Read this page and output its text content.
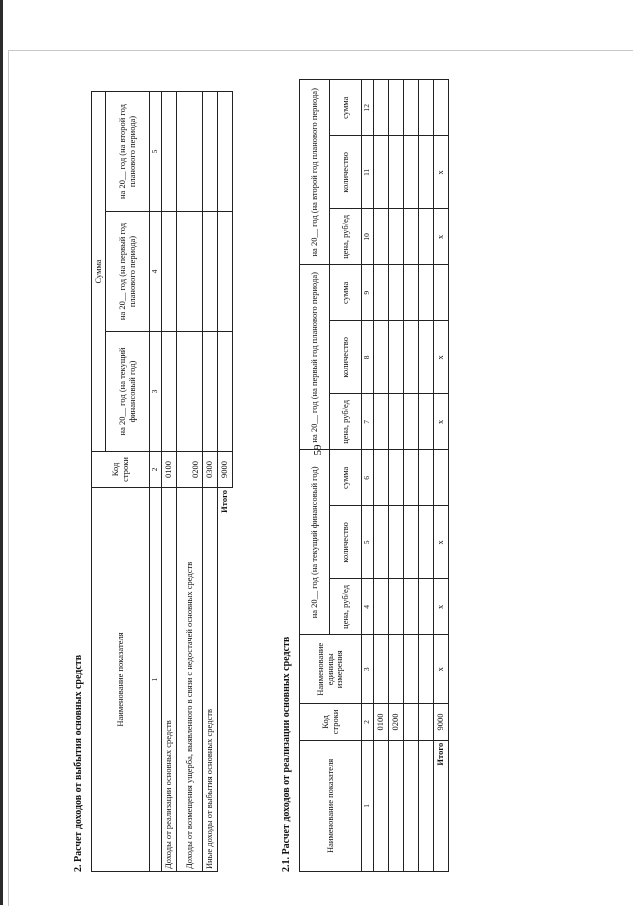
59
2. Расчет доходов от выбытия основных средств	Наименование показателя	Код строки	Сумма		
		на 20__ год (на текущий финансовый год)	на 20__ год (на первый год планового периода)	на 20__ год (на второй год планового периода)
1	2	3	4	5
Доходы от реализации основных средств	0100			
Доходы от возмещения ущерба, выявленного в связи с недостачей основных средств	0200			
Иные доходы от выбытия основных средств	0300			
Итого	9000			
2.1. Расчет доходов от реализации основных средств	Наименование показателя	Код строки	Наименование единицы измерения	на 20__ год (на текущий финансовый год)			на 20__ год (на первый год планового периода)			на 20__ год (на второй год планового периода)			
			цена, руб/ед	количество	сумма	цена, руб/ед	количество	сумма	цена, руб/ед	количество	сумма	
1	2	3	4	5	6	7	8	9	10	11	12	
	0100											
	0200											

Итого	9000	x	x	x		x	x		x	x		
